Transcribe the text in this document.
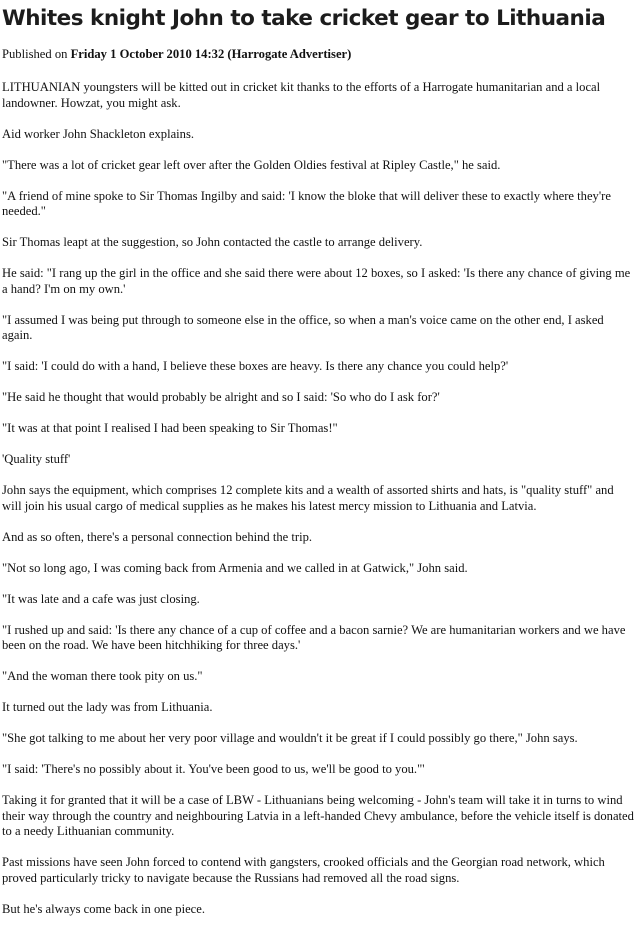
Whites knight John to take cricket gear to Lithuania
Published on Friday 1 October 2010 14:32 (Harrogate Advertiser)

LITHUANIAN youngsters will be kitted out in cricket kit thanks to the efforts of a Harrogate humanitarian and a local landowner. Howzat, you might ask.

Aid worker John Shackleton explains.

"There was a lot of cricket gear left over after the Golden Oldies festival at Ripley Castle," he said.

"A friend of mine spoke to Sir Thomas Ingilby and said: 'I know the bloke that will deliver these to exactly where they're needed."

Sir Thomas leapt at the suggestion, so John contacted the castle to arrange delivery.

He said: "I rang up the girl in the office and she said there were about 12 boxes, so I asked: 'Is there any chance of giving me a hand? I'm on my own.'

"I assumed I was being put through to someone else in the office, so when a man's voice came on the other end, I asked again.

"I said: 'I could do with a hand, I believe these boxes are heavy. Is there any chance you could help?'

"He said he thought that would probably be alright and so I said: 'So who do I ask for?'

"It was at that point I realised I had been speaking to Sir Thomas!"

'Quality stuff'

John says the equipment, which comprises 12 complete kits and a wealth of assorted shirts and hats, is "quality stuff" and will join his usual cargo of medical supplies as he makes his latest mercy mission to Lithuania and Latvia.

And as so often, there's a personal connection behind the trip.

"Not so long ago, I was coming back from Armenia and we called in at Gatwick," John said.

"It was late and a cafe was just closing.

"I rushed up and said: 'Is there any chance of a cup of coffee and a bacon sarnie? We are humanitarian workers and we have been on the road. We have been hitchhiking for three days.'

"And the woman there took pity on us."

It turned out the lady was from Lithuania.

"She got talking to me about her very poor village and wouldn't it be great if I could possibly go there," John says.

"I said: 'There's no possibly about it. You've been good to us, we'll be good to you."'

Taking it for granted that it will be a case of LBW - Lithuanians being welcoming - John's team will take it in turns to wind their way through the country and neighbouring Latvia in a left-handed Chevy ambulance, before the vehicle itself is donated to a needy Lithuanian community.

Past missions have seen John forced to contend with gangsters, crooked officials and the Georgian road network, which proved particularly tricky to navigate because the Russians had removed all the road signs.

But he's always come back in one piece.
